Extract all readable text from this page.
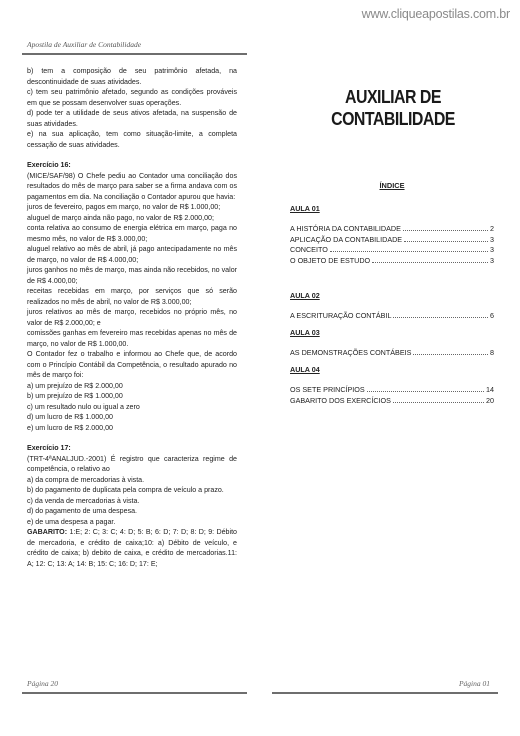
www.cliqueapostilas.com.br
Apostila de Auxiliar de Contabilidade

b) tem a composição de seu patrimônio afetada, na descontinuidade de suas atividades.

c) tem seu patrimônio afetado, segundo as condições prováveis em que se possam desenvolver suas operações.

d) pode ter a utilidade de seus ativos afetada, na suspensão de suas atividades.

e) na sua aplicação, tem como situação-limite, a completa cessação de suas atividades.

Exercício 16:

(MICE/SAF/98) O Chefe pediu ao Contador uma conciliação dos resultados do mês de março para saber se a firma andava com os pagamentos em dia. Na conciliação o Contador apurou que havia:

juros de fevereiro, pagos em março, no valor de R$ 1.000,00;

aluguel de março ainda não pago, no valor de R$ 2.000,00;

conta relativa ao consumo de energia elétrica em março, paga no mesmo mês, no valor de R$ 3.000,00;

aluguel relativo ao mês de abril, já pago antecipadamente no mês de março, no valor de R$ 4.000,00;

juros ganhos no mês de março, mas ainda não recebidos, no valor de R$ 4.000,00;

receitas recebidas em março, por serviços que só serão realizados no mês de abril, no valor de R$ 3.000,00;

juros relativos ao mês de março, recebidos no próprio mês, no valor de R$ 2.000,00; e

comissões ganhas em fevereiro mas recebidas apenas no mês de março, no valor de R$ 1.000,00.

O Contador fez o trabalho e informou ao Chefe que, de acordo com o Princípio Contábil da Competência, o resultado apurado no mês de março foi:

a) um prejuízo de R$ 2.000,00

b) um prejuízo de R$ 1.000,00

c) um resultado nulo ou igual a zero

d) um lucro de R$ 1.000,00

e) um lucro de R$ 2.000,00

Exercício 17:

(TRT-4ªANALJUD.-2001) É registro que caracteriza regime de competência, o relativo ao

a) da compra de mercadorias à vista.

b) do pagamento de duplicata pela compra de veículo a prazo.

c) da venda de mercadorias à vista.

d) do pagamento de uma despesa.

e) de uma despesa a pagar.

GABARITO: 1:E; 2: C; 3: C; 4: D; 5: B; 6: D; 7: D; 8: D; 9: Débito de mercadoria, e crédito de caixa;10: a) Débito de veículo, e crédito de caixa; b) debito de caixa, e crédito de mercadorias.11: A; 12: C; 13: A; 14: B; 15: C; 16: D; 17: E;

Página 20
AUXILIAR DE CONTABILIDADE
ÍNDICE
AULA 01
A HISTÓRIA DA CONTABILIDADE	2
APLICAÇÃO DA CONTABILIDADE	3
CONCEITO	3
O OBJETO DE ESTUDO	3
AULA 02
A ESCRITURAÇÃO CONTÁBIL	6
AULA 03
AS DEMONSTRAÇÕES CONTÁBEIS	8
AULA 04
OS SETE PRINCÍPIOS	14
GABARITO DOS EXERCÍCIOS	20
Página 01
